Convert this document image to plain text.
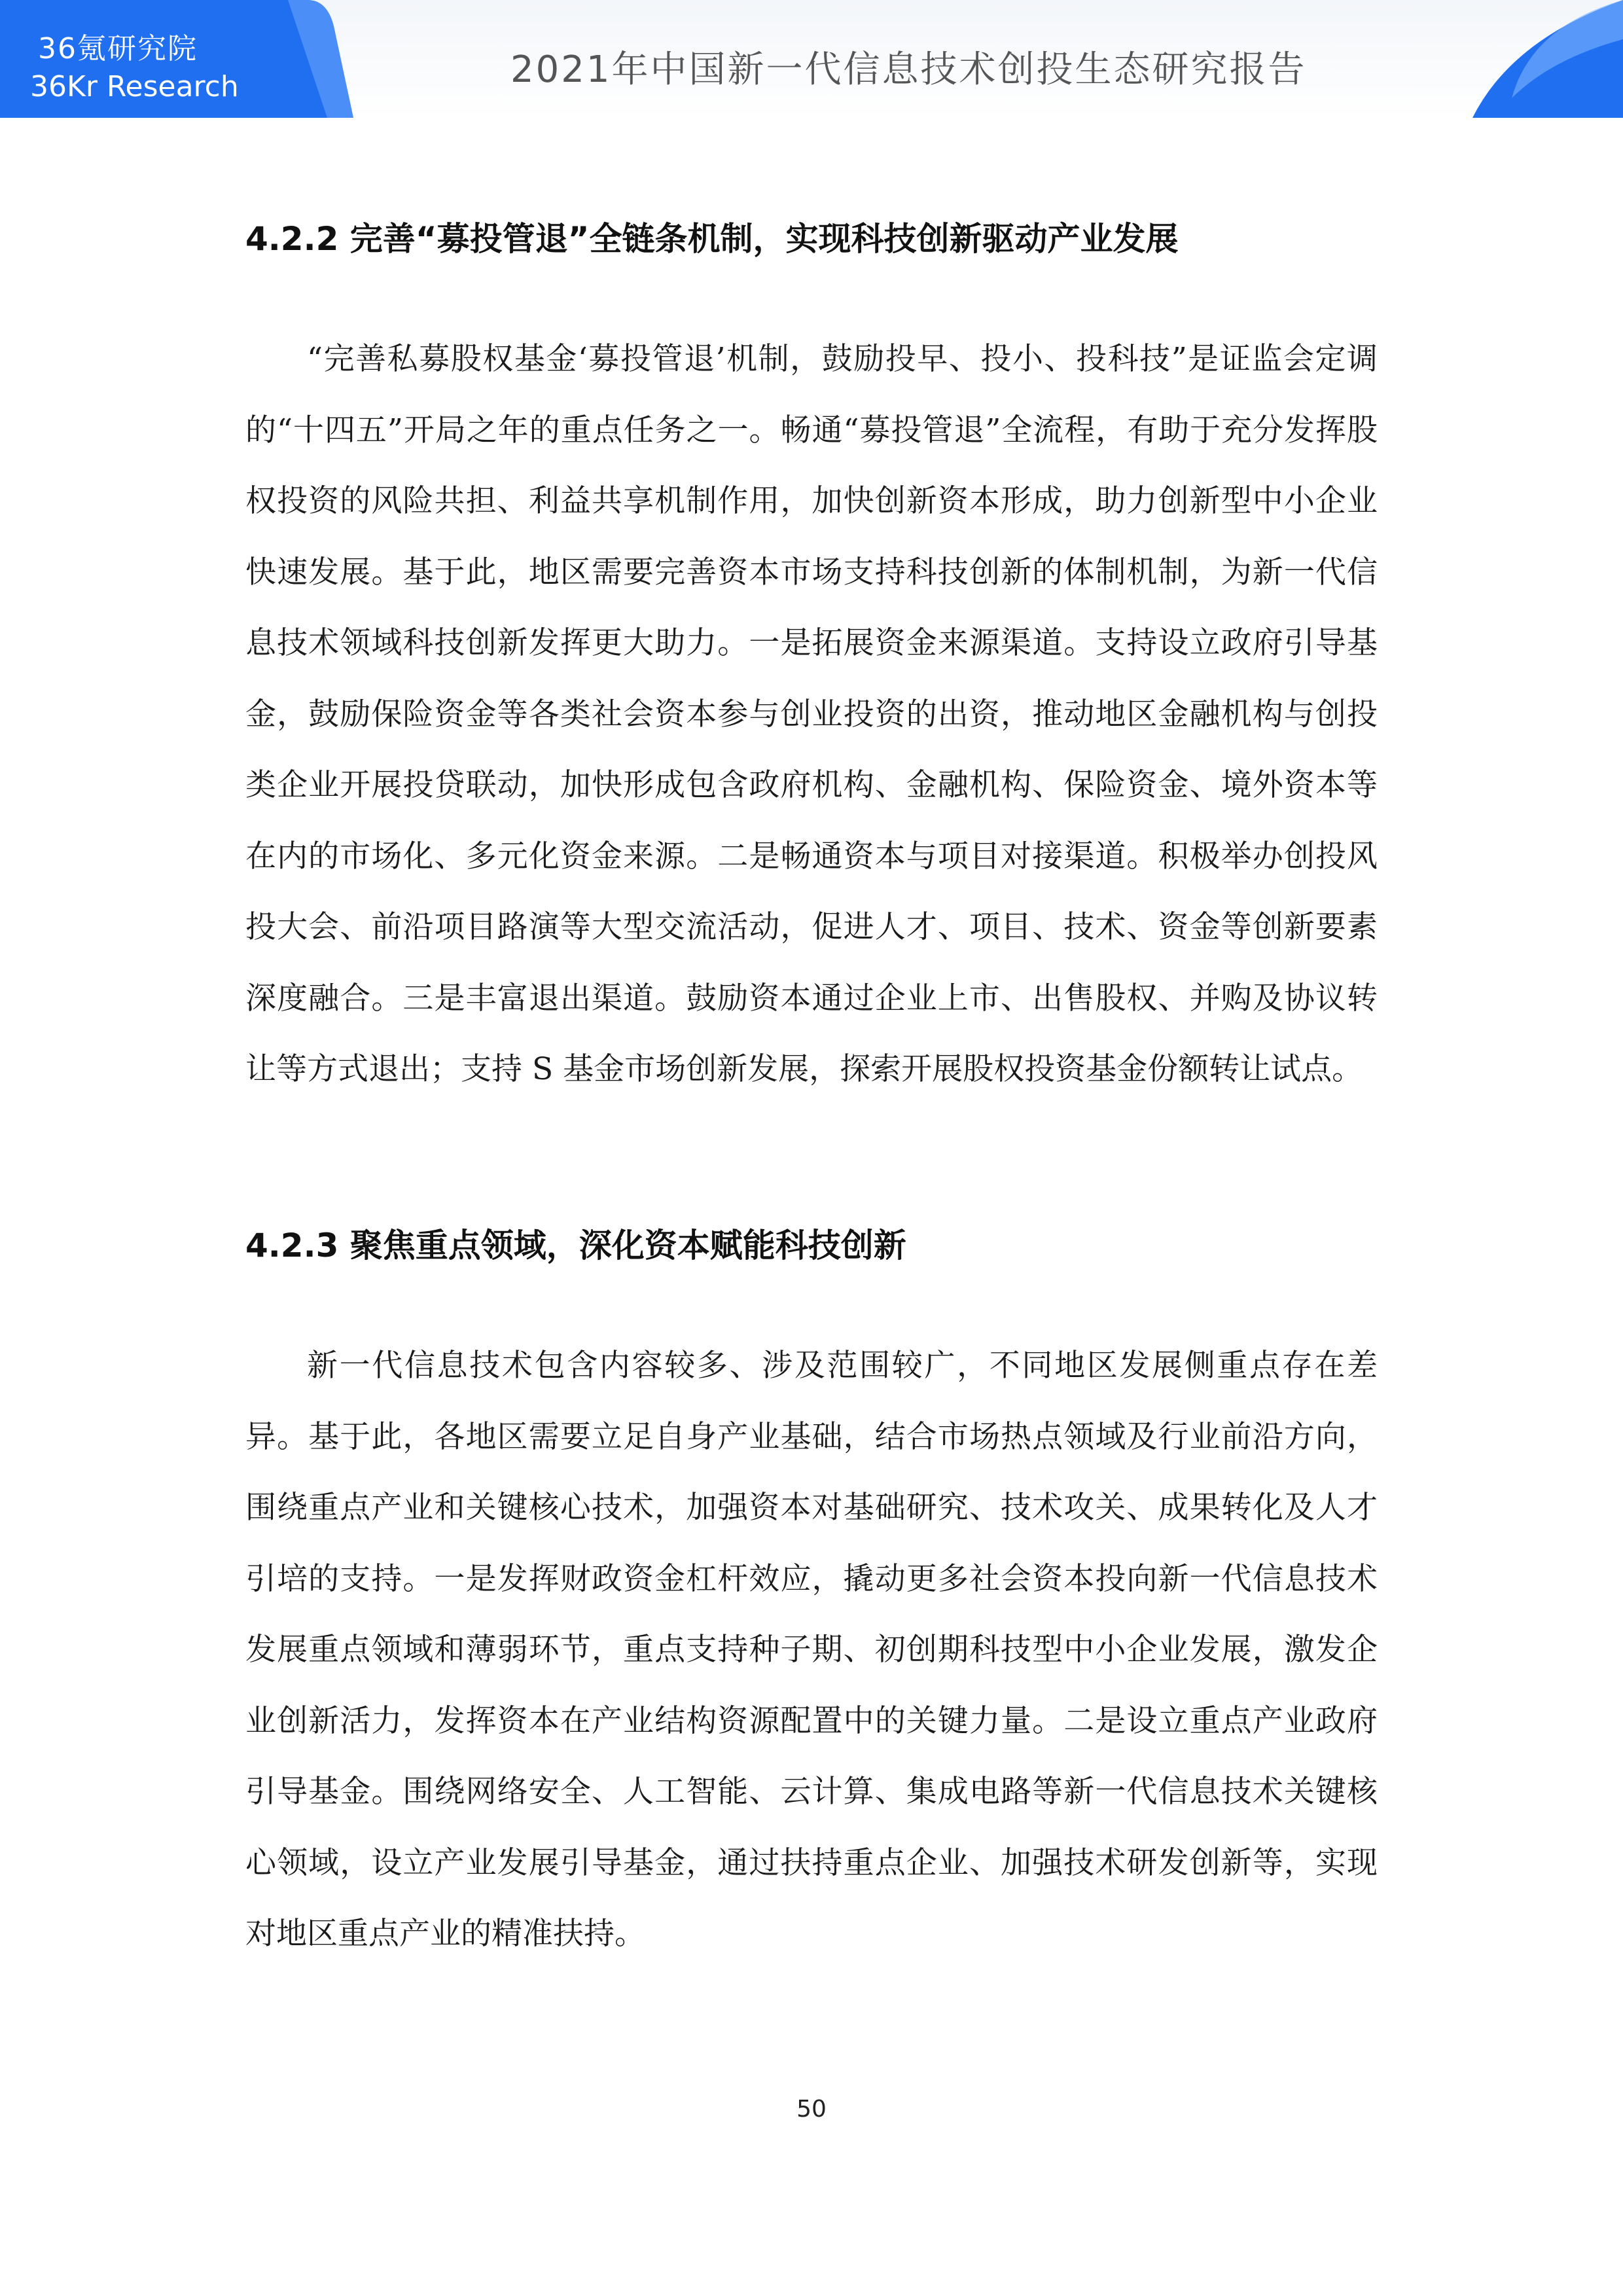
36氪研究院
36Kr Research	2021年中国新一代信息技术创投生态研究报告
4.2.2 完善“募投管退”全链条机制，实现科技创新驱动产业发展

“完善私募股权基金‘募投管退’机制，鼓励投早、投小、投科技”是证监会定调的“十四五”开局之年的重点任务之一。畅通“募投管退”全流程，有助于充分发挥股权投资的风险共担、利益共享机制作用，加快创新资本形成，助力创新型中小企业快速发展。基于此，地区需要完善资本市场支持科技创新的体制机制，为新一代信息技术领域科技创新发挥更大助力。一是拓展资金来源渠道。支持设立政府引导基金，鼓励保险资金等各类社会资本参与创业投资的出资，推动地区金融机构与创投类企业开展投贷联动，加快形成包含政府机构、金融机构、保险资金、境外资本等在内的市场化、多元化资金来源。二是畅通资本与项目对接渠道。积极举办创投风投大会、前沿项目路演等大型交流活动，促进人才、项目、技术、资金等创新要素深度融合。三是丰富退出渠道。鼓励资本通过企业上市、出售股权、并购及协议转让等方式退出；支持 S 基金市场创新发展，探索开展股权投资基金份额转让试点。

4.2.3 聚焦重点领域，深化资本赋能科技创新

新一代信息技术包含内容较多、涉及范围较广，不同地区发展侧重点存在差异。基于此，各地区需要立足自身产业基础，结合市场热点领域及行业前沿方向，围绕重点产业和关键核心技术，加强资本对基础研究、技术攻关、成果转化及人才引培的支持。一是发挥财政资金杠杆效应，撬动更多社会资本投向新一代信息技术发展重点领域和薄弱环节，重点支持种子期、初创期科技型中小企业发展，激发企业创新活力，发挥资本在产业结构资源配置中的关键力量。二是设立重点产业政府引导基金。围绕网络安全、人工智能、云计算、集成电路等新一代信息技术关键核心领域，设立产业发展引导基金，通过扶持重点企业、加强技术研发创新等，实现对地区重点产业的精准扶持。

50
